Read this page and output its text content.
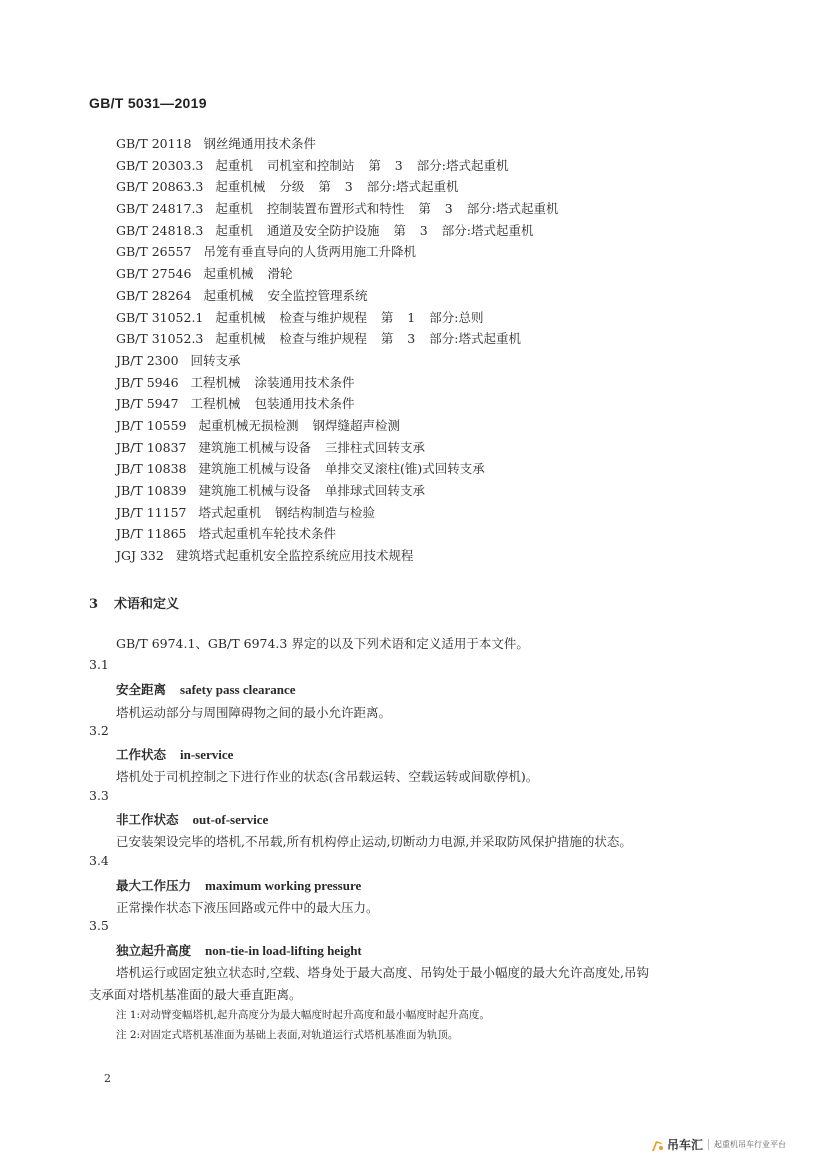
GB/T 5031—2019
GB/T 20118 钢丝绳通用技术条件
GB/T 20303.3 起重机 司机室和控制站 第 3 部分:塔式起重机
GB/T 20863.3 起重机械 分级 第 3 部分:塔式起重机
GB/T 24817.3 起重机 控制装置布置形式和特性 第 3 部分:塔式起重机
GB/T 24818.3 起重机 通道及安全防护设施 第 3 部分:塔式起重机
GB/T 26557 吊笼有垂直导向的人货两用施工升降机
GB/T 27546 起重机械 滑轮
GB/T 28264 起重机械 安全监控管理系统
GB/T 31052.1 起重机械 检查与维护规程 第 1 部分:总则
GB/T 31052.3 起重机械 检查与维护规程 第 3 部分:塔式起重机
JB/T 2300 回转支承
JB/T 5946 工程机械 涂装通用技术条件
JB/T 5947 工程机械 包装通用技术条件
JB/T 10559 起重机械无损检测 钢焊缝超声检测
JB/T 10837 建筑施工机械与设备 三排柱式回转支承
JB/T 10838 建筑施工机械与设备 单排交叉滚柱(锥)式回转支承
JB/T 10839 建筑施工机械与设备 单排球式回转支承
JB/T 11157 塔式起重机 钢结构制造与检验
JB/T 11865 塔式起重机车轮技术条件
JGJ 332 建筑塔式起重机安全监控系统应用技术规程
3 术语和定义
GB/T 6974.1、GB/T 6974.3 界定的以及下列术语和定义适用于本文件。
3.1
安全距离 safety pass clearance
塔机运动部分与周围障碍物之间的最小允许距离。
3.2
工作状态 in-service
塔机处于司机控制之下进行作业的状态(含吊载运转、空载运转或间歇停机)。
3.3
非工作状态 out-of-service
已安装架设完毕的塔机,不吊载,所有机构停止运动,切断动力电源,并采取防风保护措施的状态。
3.4
最大工作压力 maximum working pressure
正常操作状态下液压回路或元件中的最大压力。
3.5
独立起升高度 non-tie-in load-lifting height
塔机运行或固定独立状态时,空载、塔身处于最大高度、吊钩处于最小幅度的最大允许高度处,吊钩
支承面对塔机基准面的最大垂直距离。
注 1:对动臂变幅塔机,起升高度分为最大幅度时起升高度和最小幅度时起升高度。
注 2:对固定式塔机基准面为基础上表面,对轨道运行式塔机基准面为轨顶。
2
吊车汇	起重机吊车行业平台
